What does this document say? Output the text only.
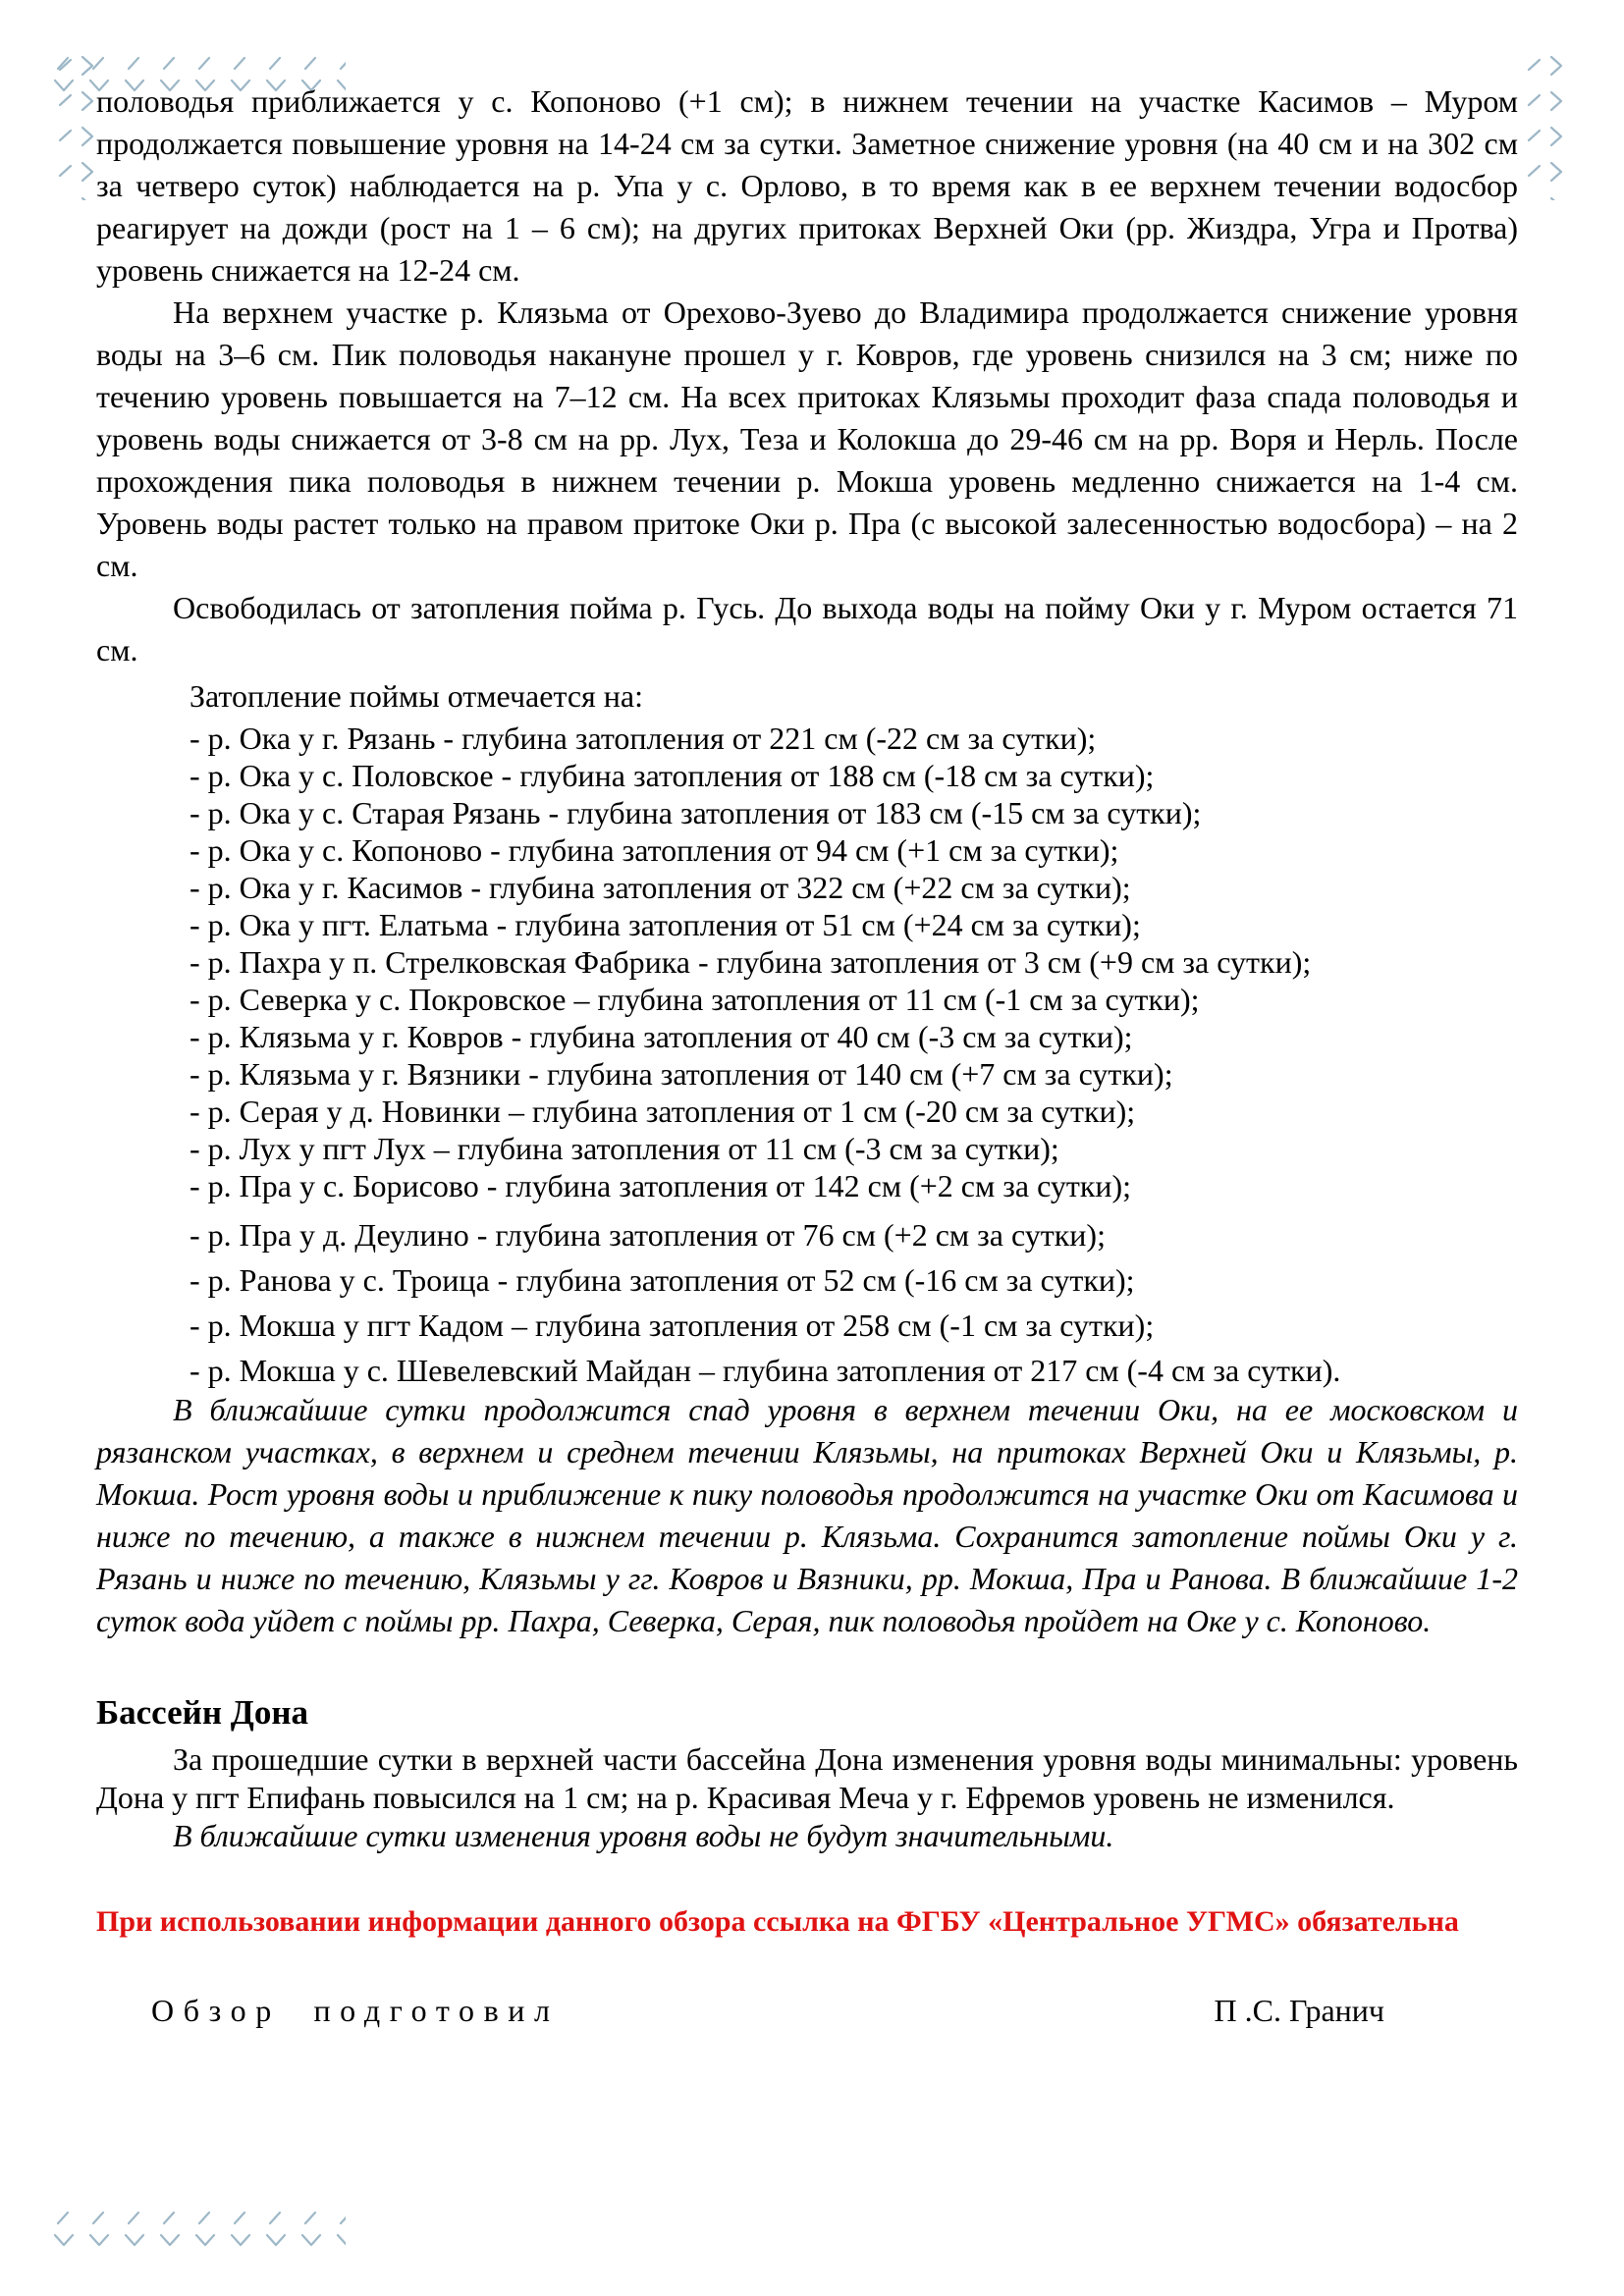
половодья приближается у с. Копоново (+1 см); в нижнем течении на участке Касимов – Муром продолжается повышение уровня на 14-24 см за сутки. Заметное снижение уровня (на 40 см и на 302 см за четверо суток) наблюдается на р. Упа у с. Орлово, в то время как в ее верхнем течении водосбор реагирует на дожди (рост на 1 – 6 см); на других притоках Верхней Оки (рр. Жиздра, Угра и Протва) уровень снижается на 12-24 см.

На верхнем участке р. Клязьма от Орехово-Зуево до Владимира продолжается снижение уровня воды на 3–6 см. Пик половодья накануне прошел у г. Ковров, где уровень снизился на 3 см; ниже по течению уровень повышается на 7–12 см. На всех притоках Клязьмы проходит фаза спада половодья и уровень воды снижается от 3-8 см на рр. Лух, Теза и Колокша до 29-46 см на рр. Воря и Нерль. После прохождения пика половодья в нижнем течении р. Мокша уровень медленно снижается на 1-4 см. Уровень воды растет только на правом притоке Оки р. Пра (с высокой залесенностью водосбора) – на 2 см.

Освободилась от затопления пойма р. Гусь. До выхода воды на пойму Оки у г. Муром остается 71 см.

Затопление поймы отмечается на:
- р. Ока у г. Рязань - глубина затопления от 221 см (-22 см за сутки);
- р. Ока у с. Половское - глубина затопления от 188 см (-18 см за сутки);
- р. Ока у с. Старая Рязань - глубина затопления от 183 см (-15 см за сутки);
- р. Ока у с. Копоново - глубина затопления от 94 см (+1 см за сутки);
- р. Ока у г. Касимов - глубина затопления от 322 см (+22 см за сутки);
- р. Ока у пгт. Елатьма - глубина затопления от 51 см (+24 см за сутки);
- р. Пахра у п. Стрелковская Фабрика - глубина затопления от 3 см (+9 см за сутки);
- р. Северка у с. Покровское – глубина затопления от 11 см (-1 см за сутки);
- р. Клязьма у г. Ковров - глубина затопления от 40 см (-3 см за сутки);
- р. Клязьма у г. Вязники - глубина затопления от 140 см (+7 см за сутки);
- р. Серая у д. Новинки – глубина затопления от 1 см (-20 см за сутки);
- р. Лух у пгт Лух – глубина затопления от 11 см (-3 см за сутки);
- р. Пра у с. Борисово - глубина затопления от 142 см (+2 см за сутки);
- р. Пра у д. Деулино - глубина затопления от 76 см (+2 см за сутки);
- р. Ранова у с. Троица - глубина затопления от 52 см (-16 см за сутки);
- р. Мокша у пгт Кадом – глубина затопления от 258 см (-1 см за сутки);
- р. Мокша у с. Шевелевский Майдан – глубина затопления от 217 см (-4 см за сутки).

В ближайшие сутки продолжится спад уровня в верхнем течении Оки, на ее московском и рязанском участках, в верхнем и среднем течении Клязьмы, на притоках Верхней Оки и Клязьмы, р. Мокша. Рост уровня воды и приближение к пику половодья продолжится на участке Оки от Касимова и ниже по течению, а также в нижнем течении р. Клязьма. Сохранится затопление поймы Оки у г. Рязань и ниже по течению, Клязьмы у гг. Ковров и Вязники, рр. Мокша, Пра и Ранова. В ближайшие 1-2 суток вода уйдет с поймы рр. Пахра, Северка, Серая, пик половодья пройдет на Оке у с. Копоново.

Бассейн Дона

За прошедшие сутки в верхней части бассейна Дона изменения уровня воды минимальны: уровень Дона у пгт Епифань повысился на 1 см; на р. Красивая Меча у г. Ефремов уровень не изменился.

В ближайшие сутки изменения уровня воды не будут значительными.

При использовании информации данного обзора ссылка на ФГБУ «Центральное УГМС» обязательна

Обзор подготовил	П .С. Гранич
